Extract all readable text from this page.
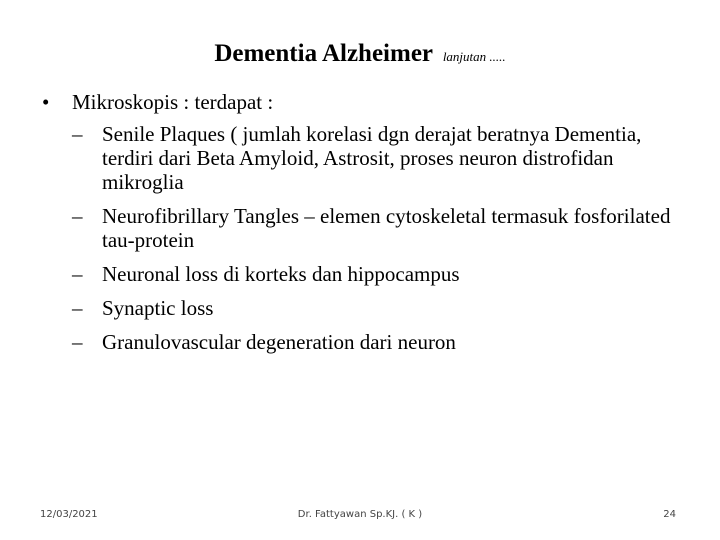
Dementia Alzheimer lanjutan .....
• Mikroskopis : terdapat :
– Senile Plaques ( jumlah korelasi dgn derajat beratnya Dementia, terdiri dari Beta Amyloid, Astrosit, proses neuron distrofidan mikroglia
– Neurofibrillary Tangles – elemen cytoskeletal termasuk fosforilated tau-protein
– Neuronal loss di korteks dan hippocampus
– Synaptic loss
– Granulovascular degeneration dari neuron
12/03/2021	Dr. Fattyawan Sp.KJ. ( K )	24
